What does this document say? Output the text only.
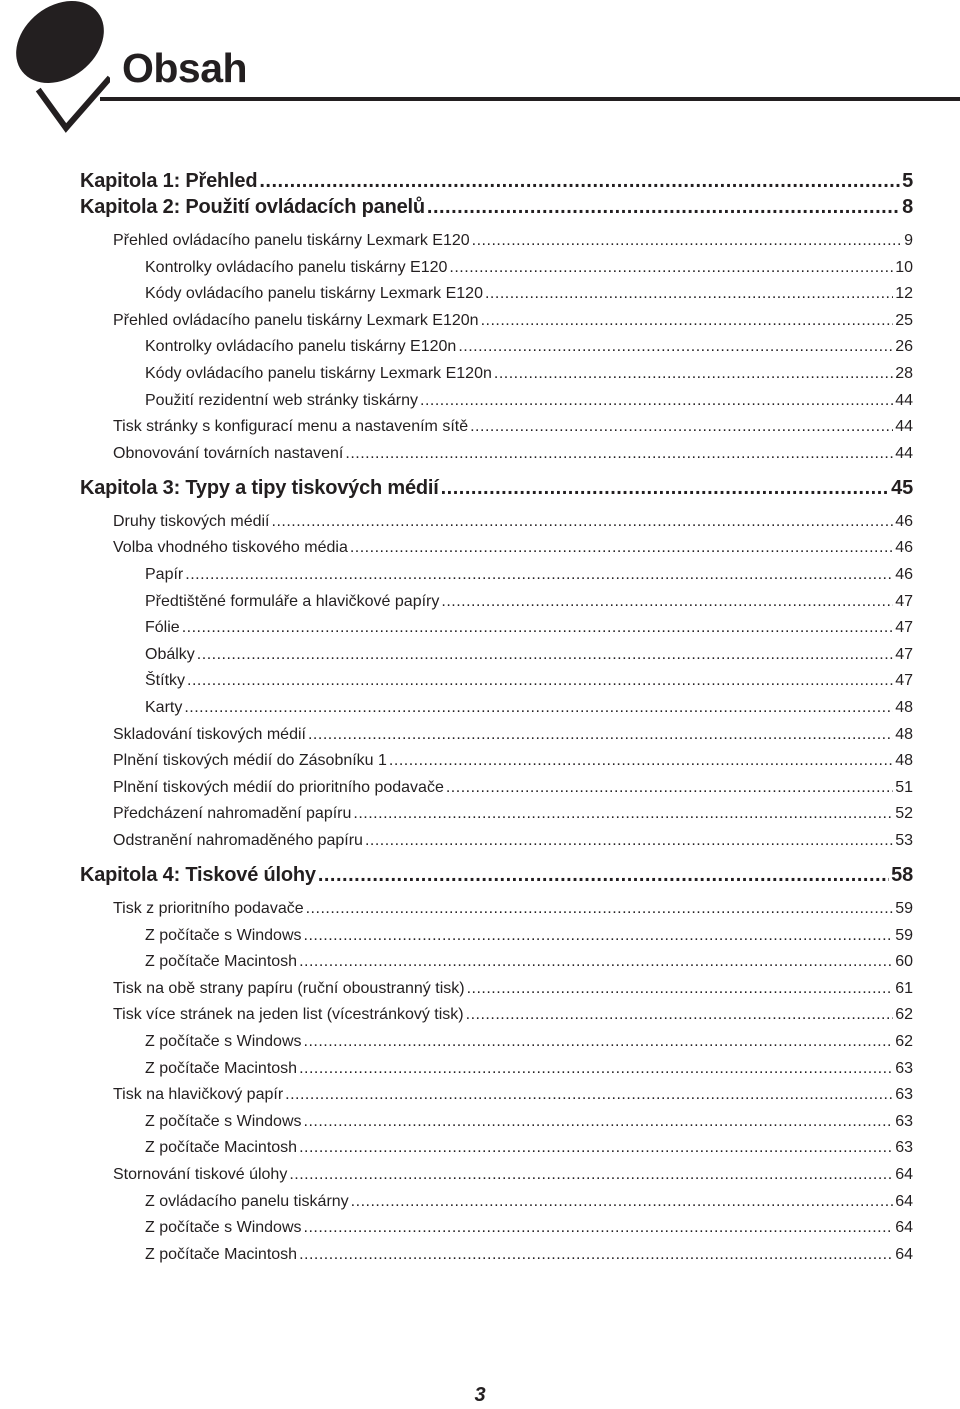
Obsah
Kapitola 1: Přehled .....	5
Kapitola 2: Použití ovládacích panelů .....	8
Přehled ovládacího panelu tiskárny Lexmark E120 .....	9
Kontrolky ovládacího panelu tiskárny E120 .....	10
Kódy ovládacího panelu tiskárny Lexmark E120 .....	12
Přehled ovládacího panelu tiskárny Lexmark E120n .....	25
Kontrolky ovládacího panelu tiskárny E120n .....	26
Kódy ovládacího panelu tiskárny Lexmark E120n .....	28
Použití rezidentní web stránky tiskárny .....	44
Tisk stránky s konfigurací menu a nastavením sítě .....	44
Obnovování továrních nastavení .....	44
Kapitola 3: Typy a tipy tiskových médií .....	45
Druhy tiskových médií .....	46
Volba vhodného tiskového média .....	46
Papír .....	46
Předtištěné formuláře a hlavičkové papíry .....	47
Fólie .....	47
Obálky .....	47
Štítky .....	47
Karty .....	48
Skladování tiskových médií .....	48
Plnění tiskových médií do Zásobníku 1 .....	48
Plnění tiskových médií do prioritního podavače .....	51
Předcházení nahromadění papíru .....	52
Odstranění nahromaděného papíru .....	53
Kapitola 4: Tiskové úlohy .....	58
Tisk z prioritního podavače .....	59
Z počítače s Windows .....	59
Z počítače Macintosh .....	60
Tisk na obě strany papíru (ruční oboustranný tisk) .....	61
Tisk více stránek na jeden list (vícestránkový tisk) .....	62
Z počítače s Windows .....	62
Z počítače Macintosh .....	63
Tisk na hlavičkový papír .....	63
Z počítače s Windows .....	63
Z počítače Macintosh .....	63
Stornování tiskové úlohy .....	64
Z ovládacího panelu tiskárny .....	64
Z počítače s Windows .....	64
Z počítače Macintosh .....	64
3
